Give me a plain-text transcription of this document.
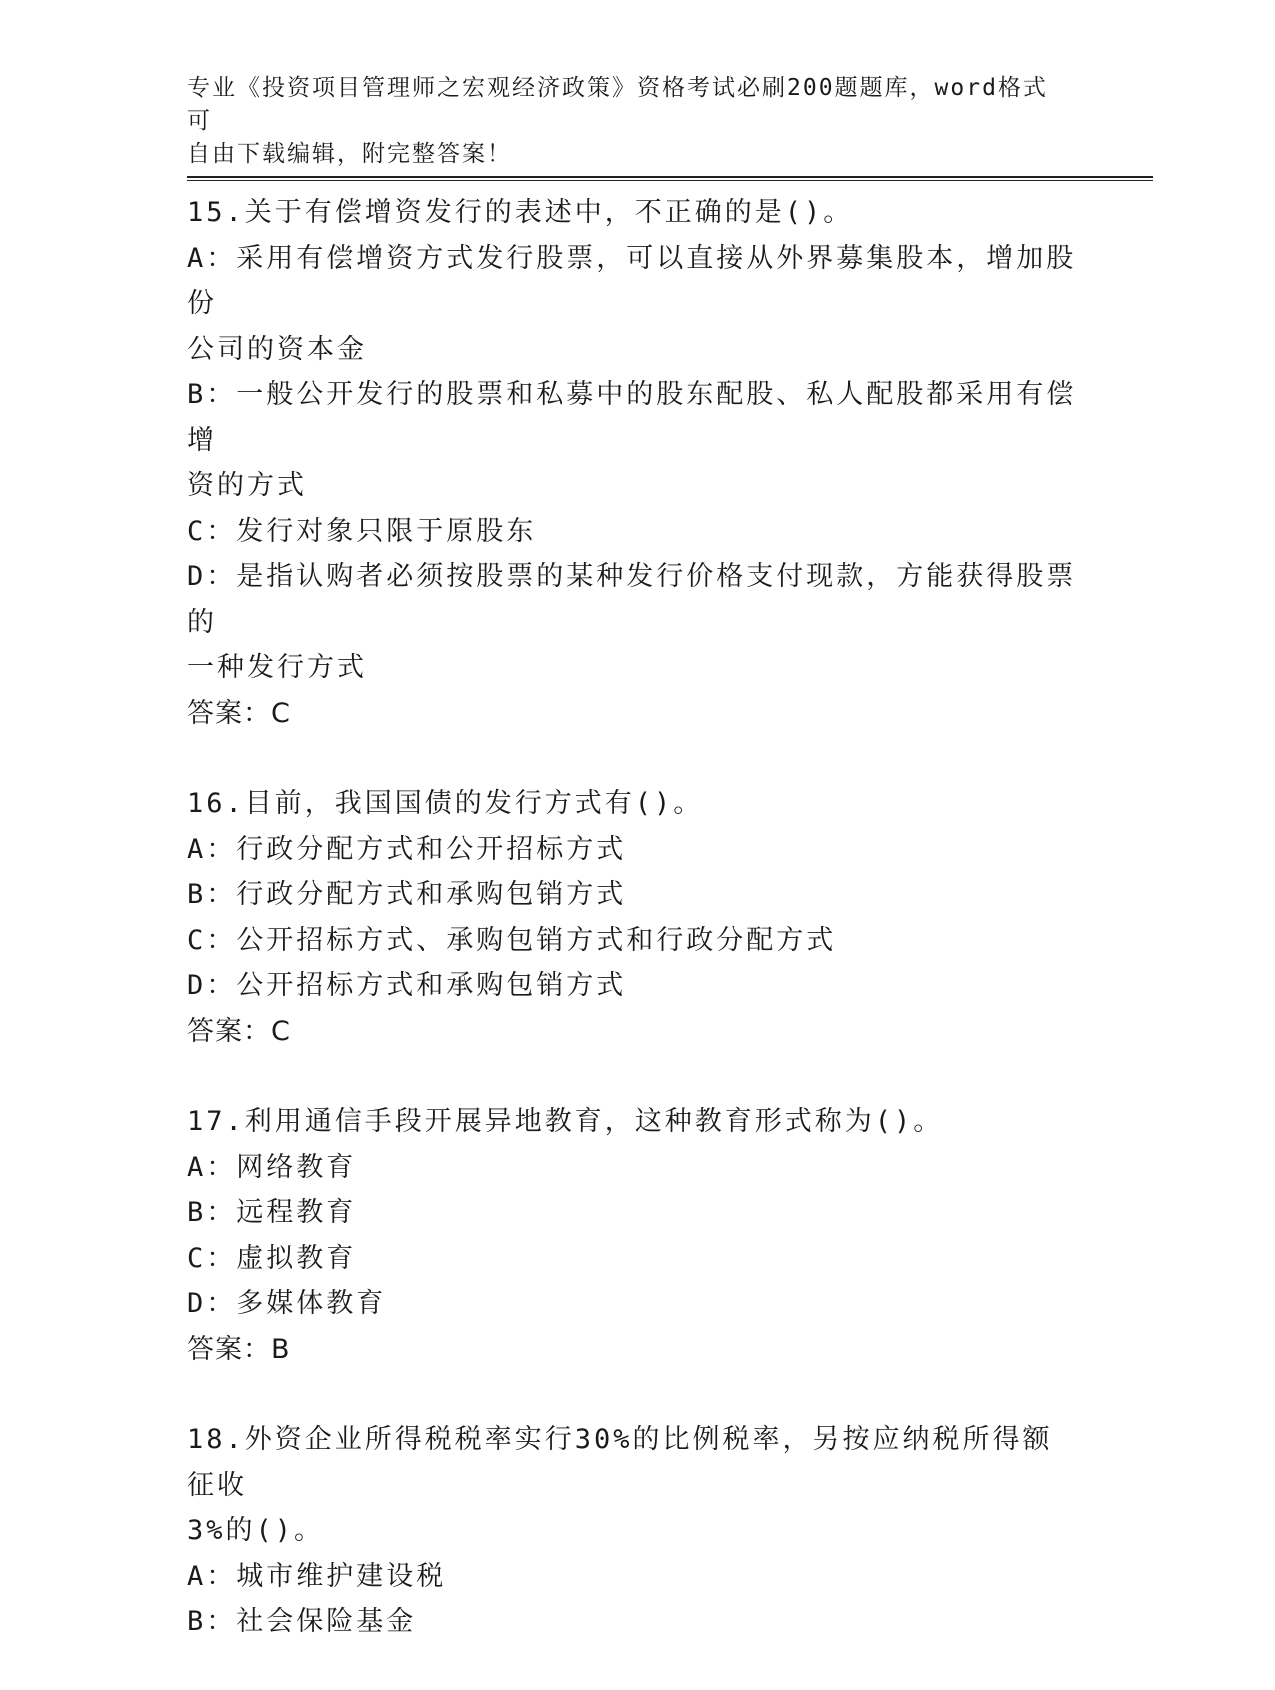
专业《投资项目管理师之宏观经济政策》资格考试必刷200题题库，word格式可
自由下载编辑，附完整答案！

15.关于有偿增资发行的表述中，不正确的是()。

A：采用有偿增资方式发行股票，可以直接从外界募集股本，增加股份

公司的资本金

B：一般公开发行的股票和私募中的股东配股、私人配股都采用有偿增

资的方式

C：发行对象只限于原股东

D：是指认购者必须按股票的某种发行价格支付现款，方能获得股票的

一种发行方式

答案：C

16.目前，我国国债的发行方式有()。

A：行政分配方式和公开招标方式

B：行政分配方式和承购包销方式

C：公开招标方式、承购包销方式和行政分配方式

D：公开招标方式和承购包销方式

答案：C

17.利用通信手段开展异地教育，这种教育形式称为()。

A：网络教育

B：远程教育

C：虚拟教育

D：多媒体教育

答案：B

18.外资企业所得税税率实行30%的比例税率，另按应纳税所得额征收

3%的()。

A：城市维护建设税

B：社会保险基金
